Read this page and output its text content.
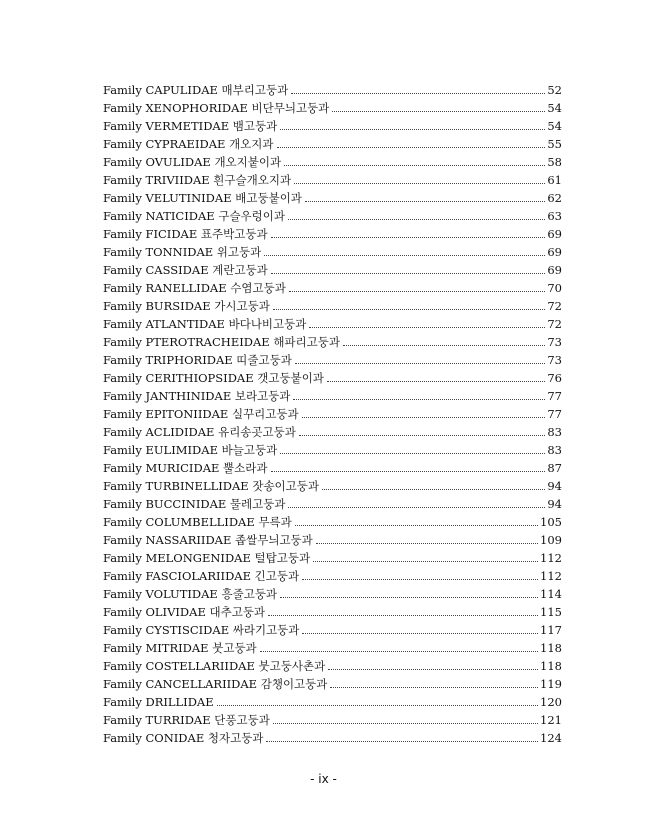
Family CAPULIDAE 매부리고둥과	52
Family XENOPHORIDAE 비단무늬고둥과	54
Family VERMETIDAE 뱀고둥과	54
Family CYPRAEIDAE 개오지과	55
Family OVULIDAE 개오지붙이과	58
Family TRIVIIDAE 흰구슬개오지과	61
Family VELUTINIDAE 배고둥붙이과	62
Family NATICIDAE 구슬우렁이과	63
Family FICIDAE 표주박고둥과	69
Family TONNIDAE 위고둥과	69
Family CASSIDAE 계란고둥과	69
Family RANELLIDAE 수염고둥과	70
Family BURSIDAE 가시고둥과	72
Family ATLANTIDAE 바다나비고둥과	72
Family PTEROTRACHEIDAE 해파리고둥과	73
Family TRIPHORIDAE 띠줄고둥과	73
Family CERITHIOPSIDAE 갯고둥붙이과	76
Family JANTHINIDAE 보라고둥과	77
Family EPITONIIDAE 실꾸리고둥과	77
Family ACLIDIDAE 유리송곳고둥과	83
Family EULIMIDAE 바늘고둥과	83
Family MURICIDAE 뿔소라과	87
Family TURBINELLIDAE 잣송이고둥과	94
Family BUCCINIDAE 물레고둥과	94
Family COLUMBELLIDAE 무륵과	105
Family NASSARIIDAE 좁쌀무늬고둥과	109
Family MELONGENIDAE 털탑고둥과	112
Family FASCIOLARIIDAE 긴고둥과	112
Family VOLUTIDAE 흥줄고둥과	114
Family OLIVIDAE 대추고둥과	115
Family CYSTISCIDAE 싸라기고둥과	117
Family MITRIDAE 붓고둥과	118
Family COSTELLARIIDAE 붓고둥사촌과	118
Family CANCELLARIIDAE 감챙이고둥과	119
Family DRILLIDAE	120
Family TURRIDAE 단풍고둥과	121
Family CONIDAE 청자고둥과	124
- ix -
